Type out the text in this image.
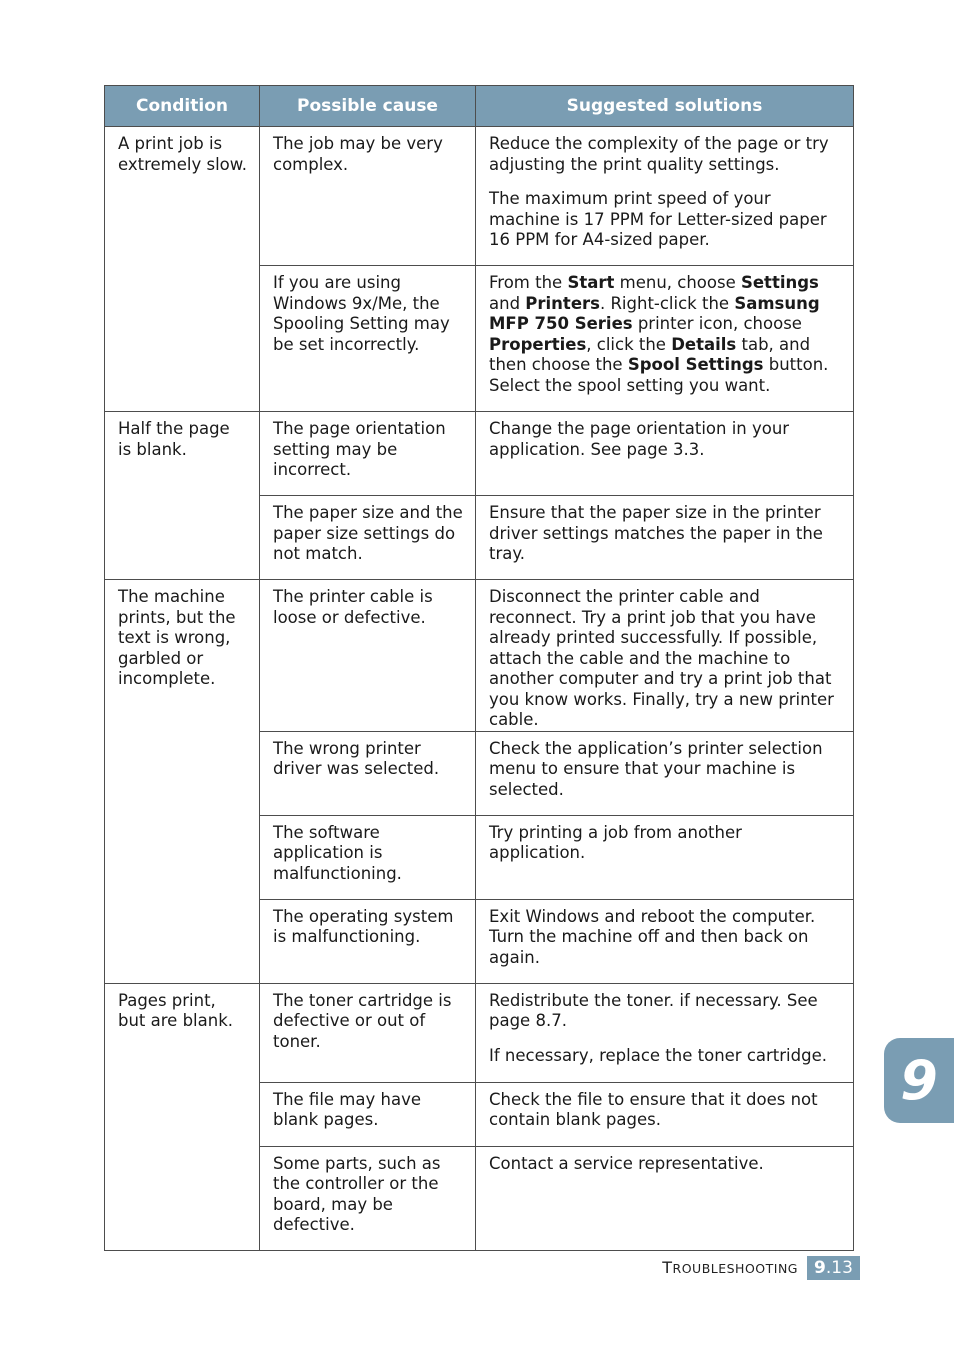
Condition	Possible cause	Suggested solutions
A print job is extremely slow.	The job may be very complex.	Reduce the complexity of the page or try adjusting the print quality settings.

The maximum print speed of your machine is 17 PPM for Letter-sized paper 16 PPM for A4-sized paper.

	If you are using Windows 9x/Me, the Spooling Setting may be set incorrectly.	From the Start menu, choose Settings and Printers. Right-click the Samsung MFP 750 Series printer icon, choose Properties, click the Details tab, and then choose the Spool Settings button. Select the spool setting you want.

Half the page is blank.	The page orientation setting may be incorrect.	Change the page orientation in your application. See page 3.3.

	The paper size and the paper size settings do not match.	Ensure that the paper size in the printer driver settings matches the paper in the tray.

The machine prints, but the text is wrong, garbled or incomplete.	The printer cable is loose or defective.	Disconnect the printer cable and reconnect. Try a print job that you have already printed successfully. If possible, attach the cable and the machine to another computer and try a print job that you know works. Finally, try a new printer cable.

	The wrong printer driver was selected.	Check the application’s printer selection menu to ensure that your machine is selected.

	The software application is malfunctioning.	Try printing a job from another application.

	The operating system is malfunctioning.	Exit Windows and reboot the computer. Turn the machine off and then back on again.

Pages print, but are blank.	The toner cartridge is defective or out of toner.	Redistribute the toner. if necessary. See page 8.7.

If necessary, replace the toner cartridge.

	The file may have blank pages.	Check the file to ensure that it does not contain blank pages.

	Some parts, such as the controller or the board, may be defective.	Contact a service representative.

9
TROUBLESHOOTING 9.13
